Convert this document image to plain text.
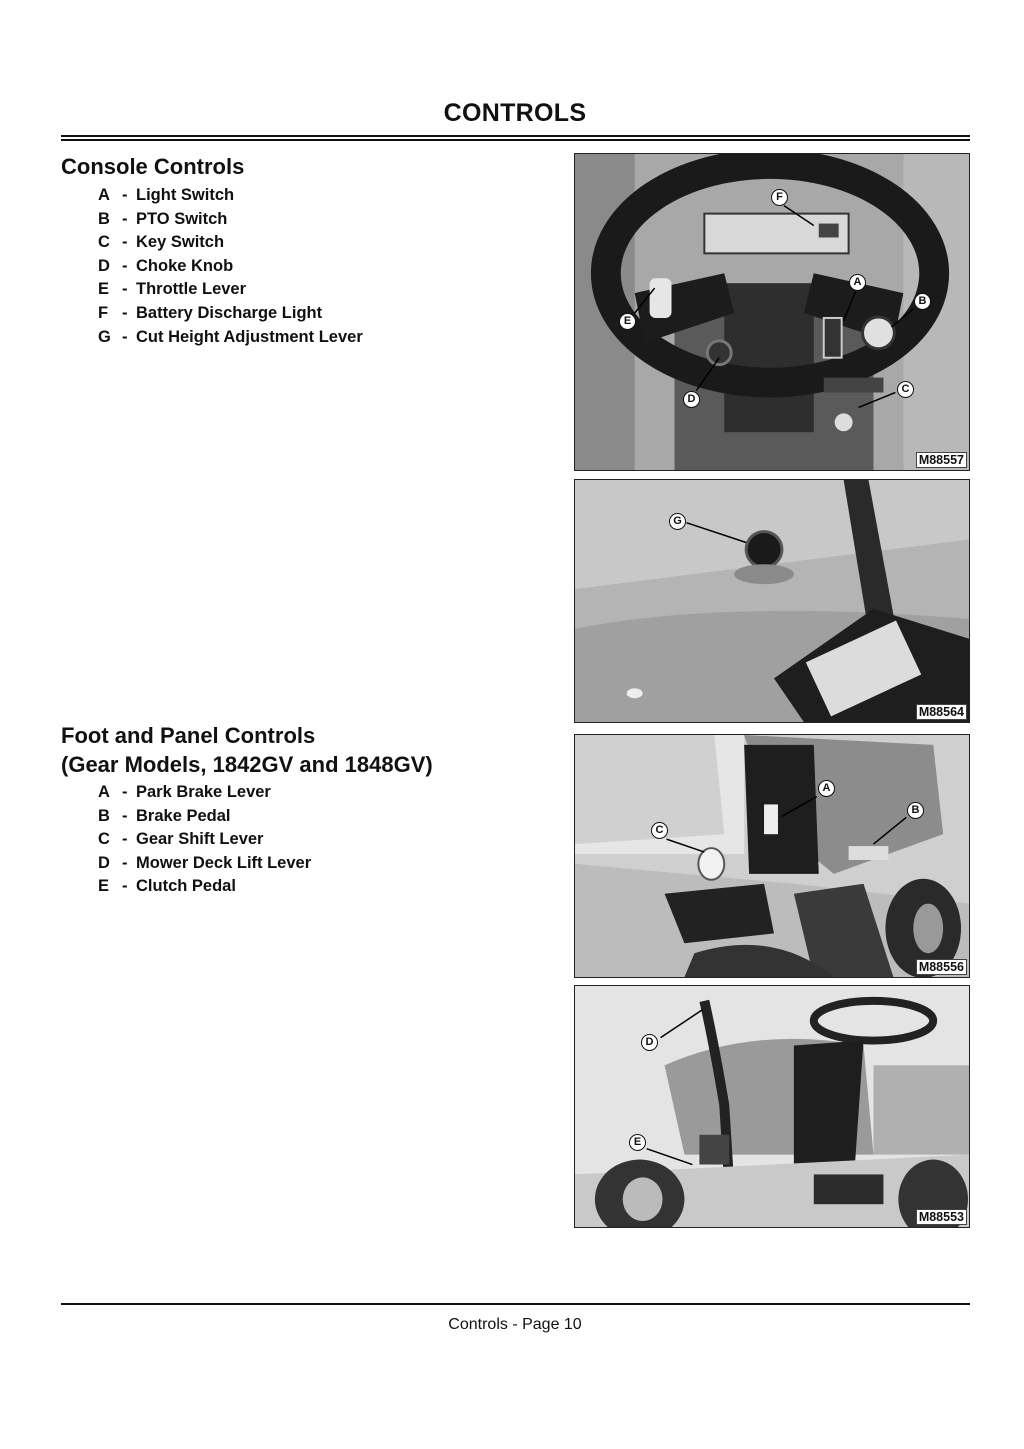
CONTROLS
Console Controls
A - Light Switch
B - PTO Switch
C - Key Switch
D - Choke Knob
E - Throttle Lever
F - Battery Discharge Light
G - Cut Height Adjustment Lever
Foot and Panel Controls
(Gear Models, 1842GV and 1848GV)
A - Park Brake Lever
B - Brake Pedal
C - Gear Shift Lever
D - Mower Deck Lift Lever
E - Clutch Pedal
F
A
B
E
C
D
M88557
G
M88564
A
B
C
M88556
D
E
M88553
Controls - Page 10
